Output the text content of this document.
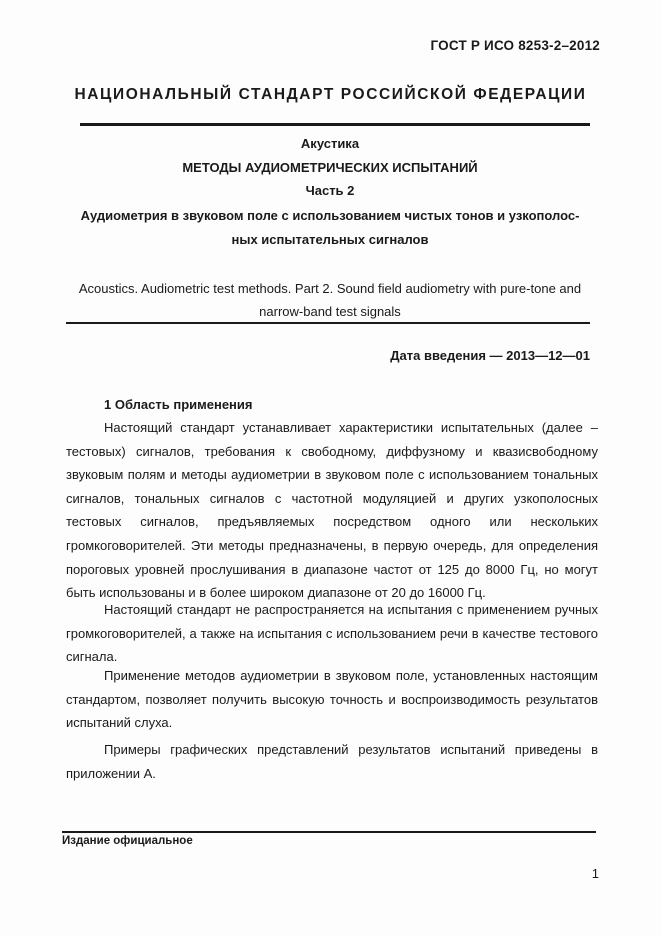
ГОСТ Р ИСО 8253-2–2012
НАЦИОНАЛЬНЫЙ СТАНДАРТ РОССИЙСКОЙ ФЕДЕРАЦИИ
Акустика
МЕТОДЫ АУДИОМЕТРИЧЕСКИХ ИСПЫТАНИЙ
Часть 2
Аудиометрия в звуковом поле с использованием чистых тонов и узкополос-
ных испытательных сигналов
Acoustics. Audiometric test methods. Part 2. Sound field audiometry with pure-tone and
narrow-band test signals
Дата введения — 2013—12—01
1 Область применения

Настоящий стандарт устанавливает характеристики испытательных (далее – тестовых) сигналов, требования к свободному, диффузному и квазисвободному звуковым полям и методы аудиометрии в звуковом поле с использованием тональных сигналов, тональных сигналов с частотной модуляцией и других узкополосных тестовых сигналов, предъявляемых посредством одного или нескольких громкоговорителей. Эти методы предназначены, в первую очередь, для определения пороговых уровней прослушивания в диапазоне частот от 125 до 8000 Гц, но могут быть использованы и в более широком диапазоне от 20 до 16000 Гц.

Настоящий стандарт не распространяется на испытания с применением ручных громкоговорителей, а также на испытания с использованием речи в качестве тестового сигнала.

Применение методов аудиометрии в звуковом поле, установленных настоящим стандартом, позволяет получить высокую точность и воспроизводимость результатов испытаний слуха.

Примеры графических представлений результатов испытаний приведены в приложении А.

Издание официальное
1
